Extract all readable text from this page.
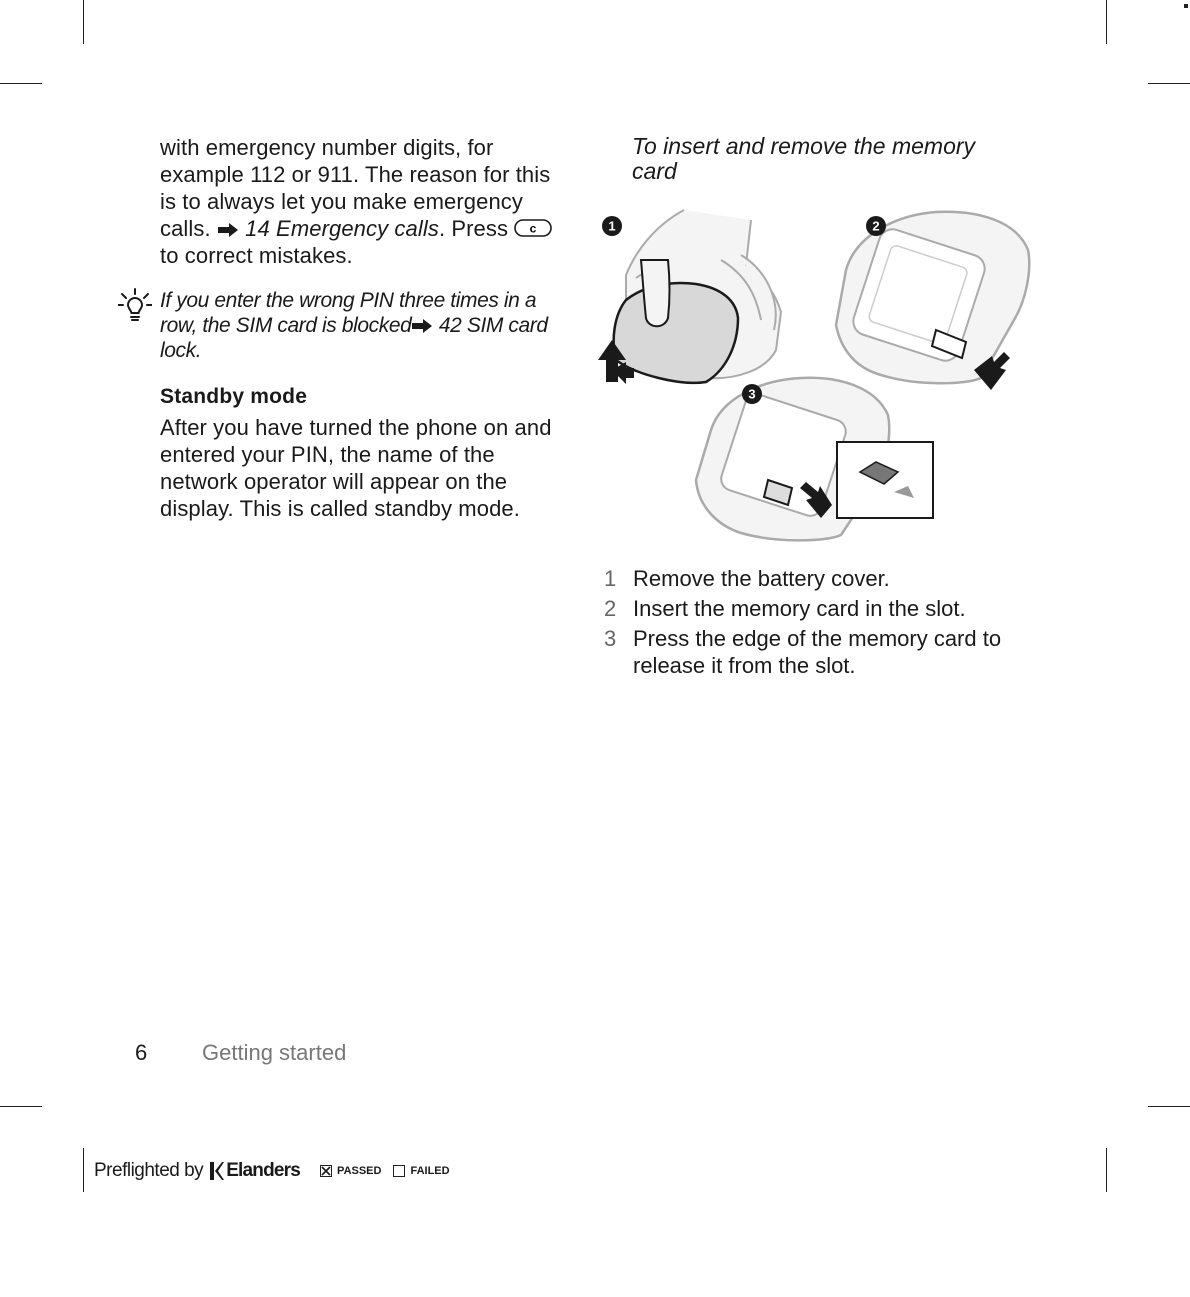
with emergency number digits, for example 112 or 911. The reason for this is to always let you make emergency calls.  14 Emergency calls. Press c
to correct mistakes.
If you enter the wrong PIN three times in a row, the SIM card is blocked 42 SIM card lock.
Standby mode
After you have turned the phone on and entered your PIN, the name of the network operator will appear on the display. This is called standby mode.
To insert and remove the memory card
1	2
3
1 Remove the battery cover.
2 Insert the memory card in the slot.
3 Press the edge of the memory card to release it from the slot.
6 Getting started
Preflighted by Elanders	PASSED	FAILED
